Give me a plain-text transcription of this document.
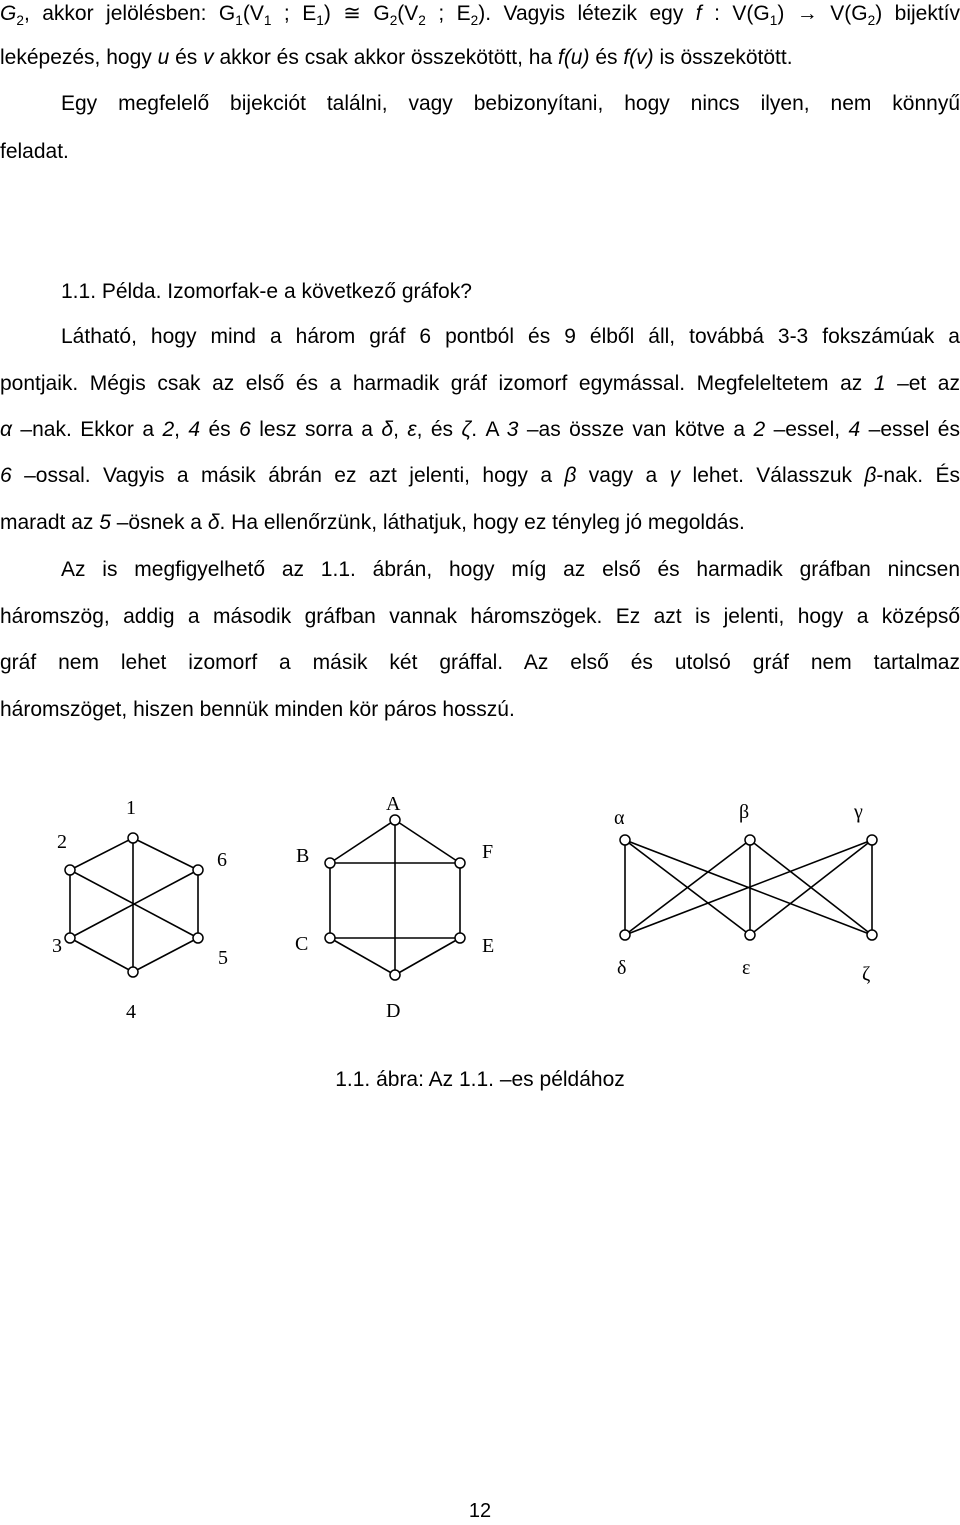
$G_2$, akkor jelölésben: $G_1(V_1$ ; $E_1$) ≅ $G_2(V_2$ ; $E_2$). Vagyis létezik egy f : $V(G_1) \to V(G_2)$ bijektív
leképezés, hogy u és v akkor és csak akkor összekötött, ha f(u) és f(v) is összekötött.
Egy megfelelő bijekciót találni, vagy bebizonyítani, hogy nincs ilyen, nem könnyű
feladat.
1.1. Példa. Izomorfak-e a következő gráfok?
Látható, hogy mind a három gráf 6 pontból és 9 élből áll, továbbá 3-3 fokszámúak a
pontjaik. Mégis csak az első és a harmadik gráf izomorf egymással. Megfeleltetem az 1 –et az
α –nak. Ekkor a 2, 4 és 6 lesz sorra a δ, ε, és ζ. A 3 –as össze van kötve a 2 –essel, 4 –essel és
6 –ossal. Vagyis a másik ábrán ez azt jelenti, hogy a β vagy a γ lehet. Válasszuk β-nak. És
maradt az 5 –ösnek a δ. Ha ellenőrzünk, láthatjuk, hogy ez tényleg jó megoldás.
Az is megfigyelhető az 1.1. ábrán, hogy míg az első és harmadik gráfban nincsen
háromszög, addig a második gráfban vannak háromszögek. Ez azt is jelenti, hogy a középső
gráf nem lehet izomorf a másik két gráffal. Az első és utolsó gráf nem tartalmaz
háromszöget, hiszen bennük minden kör páros hosszú.
1
2
6
3
5
4
A
B	F
C	E
D
α	β	γ
δ	ε	ζ
1.1. ábra: Az 1.1. –es példához
12
